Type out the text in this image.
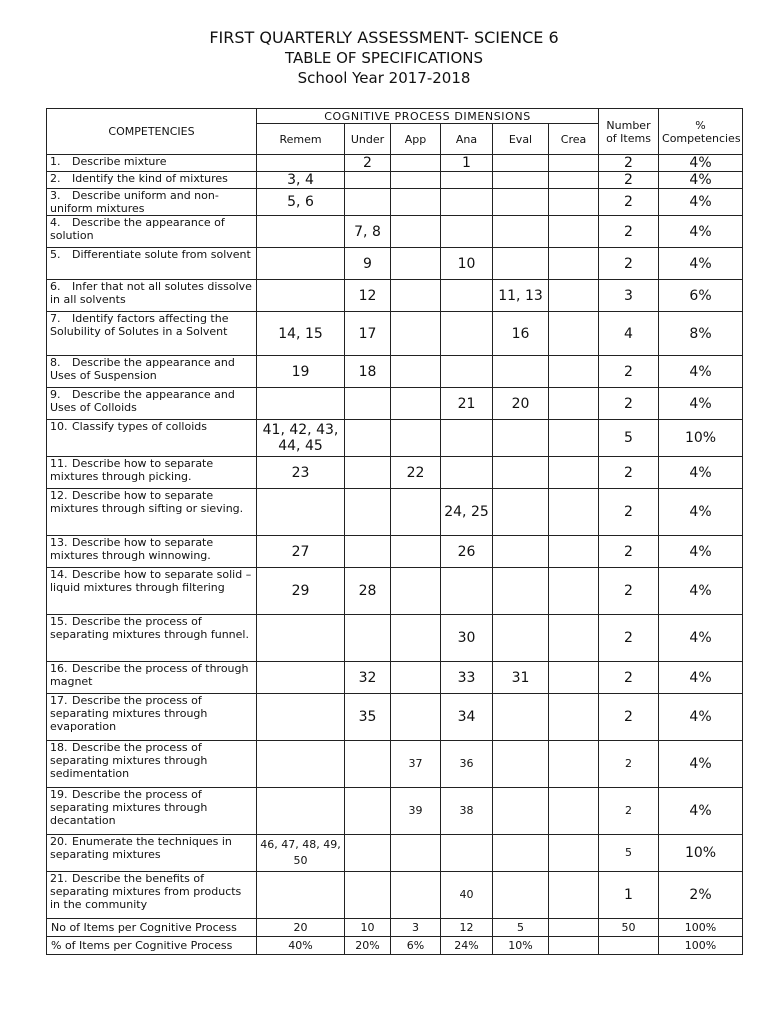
FIRST QUARTERLY ASSESSMENT- SCIENCE 6
TABLE OF SPECIFICATIONS
School Year 2017-2018
COMPETENCIES	COGNITIVE PROCESS DIMENSIONS						Number of Items	% Competencies
	Remem	Under	App	Ana	Eval	Crea		
1. Describe mixture		2		1			2	4%
2. Identify the kind of mixtures	3, 4						2	4%
3. Describe uniform and non-uniform mixtures	5, 6						2	4%
4. Describe the appearance of solution		7, 8					2	4%
5. Differentiate solute from solvent		9		10			2	4%
6. Infer that not all solutes dissolve in all solvents		12			11, 13		3	6%
7. Identify factors affecting the Solubility of Solutes in a Solvent	14, 15	17			16		4	8%
8. Describe the appearance and Uses of Suspension	19	18					2	4%
9. Describe the appearance and Uses of Colloids				21	20		2	4%
10. Classify types of colloids	41, 42, 43, 44, 45						5	10%
11. Describe how to separate mixtures through picking.	23		22				2	4%
12. Describe how to separate mixtures through sifting or sieving.				24, 25			2	4%
13. Describe how to separate mixtures through winnowing.	27			26			2	4%
14. Describe how to separate solid – liquid mixtures through filtering	29	28					2	4%
15. Describe the process of separating mixtures through funnel.				30			2	4%
16. Describe the process of through magnet		32		33	31		2	4%
17. Describe the process of separating mixtures through evaporation		35		34			2	4%
18. Describe the process of separating mixtures through sedimentation			37	36			2	4%
19. Describe the process of separating mixtures through decantation			39	38			2	4%
20. Enumerate the techniques in separating mixtures	46, 47, 48, 49, 50						5	10%
21. Describe the benefits of separating mixtures from products in the community				40			1	2%
No of Items per Cognitive Process	20	10	3	12	5		50	100%
% of Items per Cognitive Process	40%	20%	6%	24%	10%			100%
